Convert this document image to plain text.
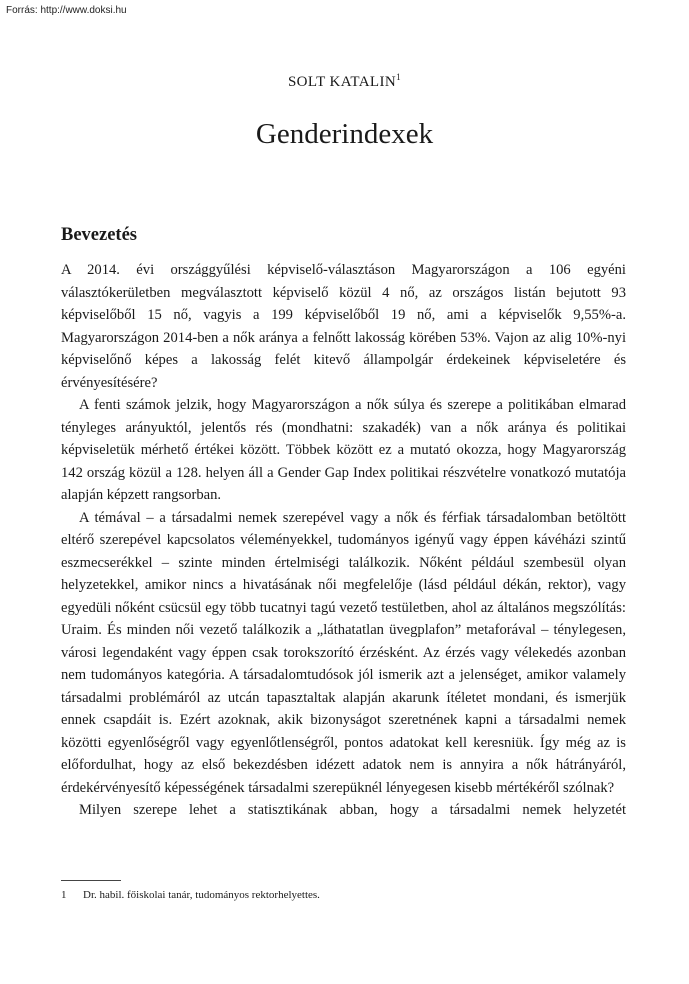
Forrás: http://www.doksi.hu
SOLT KATALIN$^1$
Genderindexek
Bevezetés

A 2014. évi országgyűlési képviselő-választáson Magyarországon a 106 egyéni választókerületben megválasztott képviselő közül 4 nő, az országos listán bejutott 93 képviselőből 15 nő, vagyis a 199 képviselőből 19 nő, ami a képviselők 9,55%-a. Magyarországon 2014-ben a nők aránya a felnőtt lakosság körében 53%. Vajon az alig 10%-nyi képviselőnő képes a lakosság felét kitevő állampolgár érdekeinek képviseletére és érvényesítésére?

A fenti számok jelzik, hogy Magyarországon a nők súlya és szerepe a politikában elmarad tényleges arányuktól, jelentős rés (mondhatni: szakadék) van a nők aránya és politikai képviseletük mérhető értékei között. Többek között ez a mutató okozza, hogy Magyarország 142 ország közül a 128. helyen áll a Gender Gap Index politikai részvételre vonatkozó mutatója alapján képzett rangsorban.

A témával – a társadalmi nemek szerepével vagy a nők és férfiak társadalomban betöltött eltérő szerepével kapcsolatos véleményekkel, tudományos igényű vagy éppen kávéházi szintű eszmecserékkel – szinte minden értelmiségi találkozik. Nőként például szembesül olyan helyzetekkel, amikor nincs a hivatásának női megfelelője (lásd például dékán, rektor), vagy egyedüli nőként csücsül egy több tucatnyi tagú vezető testületben, ahol az általános megszólítás: Uraim. És minden női vezető találkozik a „láthatatlan üvegplafon” metaforával – ténylegesen, városi legendaként vagy éppen csak torokszorító érzésként. Az érzés vagy vélekedés azonban nem tudományos kategória. A társadalomtudósok jól ismerik azt a jelenséget, amikor valamely társadalmi problémáról az utcán tapasztaltak alapján akarunk ítéletet mondani, és ismerjük ennek csapdáit is. Ezért azoknak, akik bizonyságot szeretnének kapni a társadalmi nemek közötti egyenlőségről vagy egyenlőtlenségről, pontos adatokat kell keresniük. Így még az is előfordulhat, hogy az első bekezdésben idézett adatok nem is annyira a nők hátrányáról, érdekérvényesítő képességének társadalmi szerepüknél lényegesen kisebb mértékéről szólnak?

Milyen szerepe lehet a statisztikának abban, hogy a társadalmi nemek helyzetét

1 Dr. habil. főiskolai tanár, tudományos rektorhelyettes.
